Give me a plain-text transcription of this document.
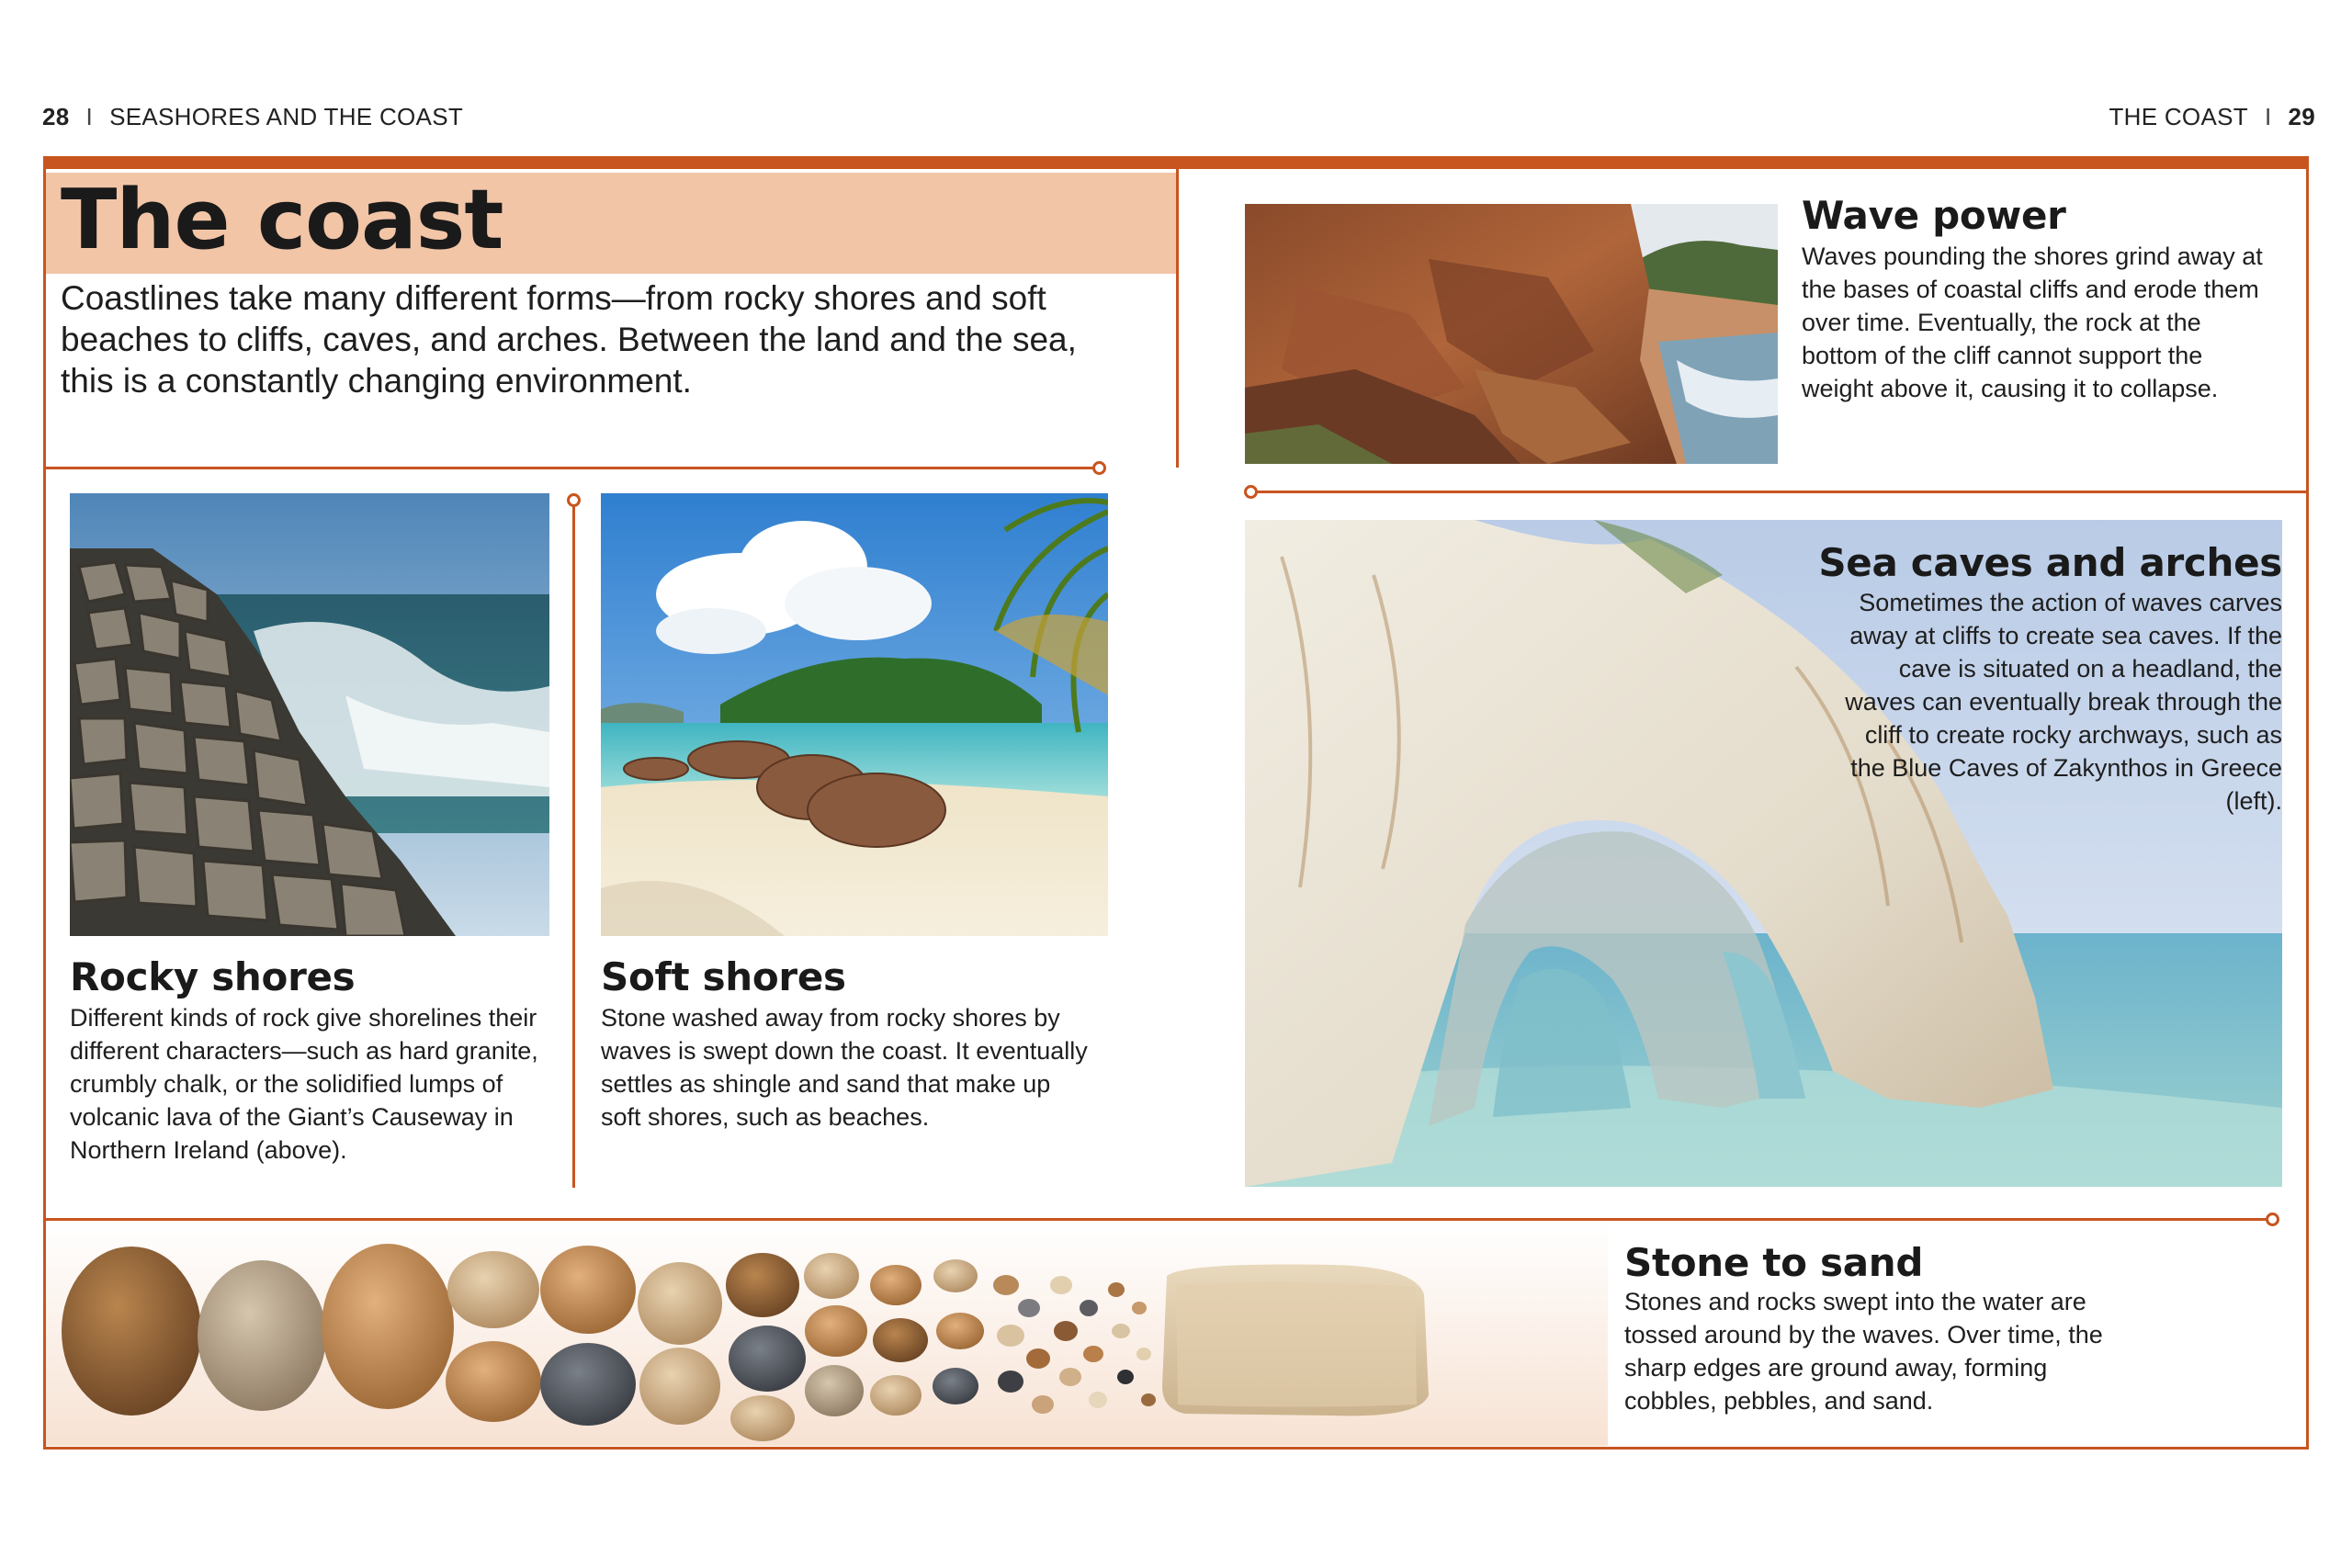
28 I SEASHORES AND THE COAST	THE COAST I 29
The coast

Coastlines take many different forms—from rocky shores and soft beaches to cliffs, caves, and arches. Between the land and the sea, this is a constantly changing environment.

Wave power

Waves pounding the shores grind away at the bases of coastal cliffs and erode them over time. Eventually, the rock at the bottom of the cliff cannot support the weight above it, causing it to collapse.

Rocky shores

Different kinds of rock give shorelines their different characters—such as hard granite, crumbly chalk, or the solidified lumps of volcanic lava of the Giant’s Causeway in Northern Ireland (above).

Soft shores

Stone washed away from rocky shores by waves is swept down the coast. It eventually settles as shingle and sand that make up soft shores, such as beaches.

Sea caves and arches

Sometimes the action of waves carves away at cliffs to create sea caves. If the cave is situated on a headland, the waves can eventually break through the cliff to create rocky archways, such as the Blue Caves of Zakynthos in Greece (left).

Stone to sand

Stones and rocks swept into the water are tossed around by the waves. Over time, the sharp edges are ground away, forming cobbles, pebbles, and sand.
